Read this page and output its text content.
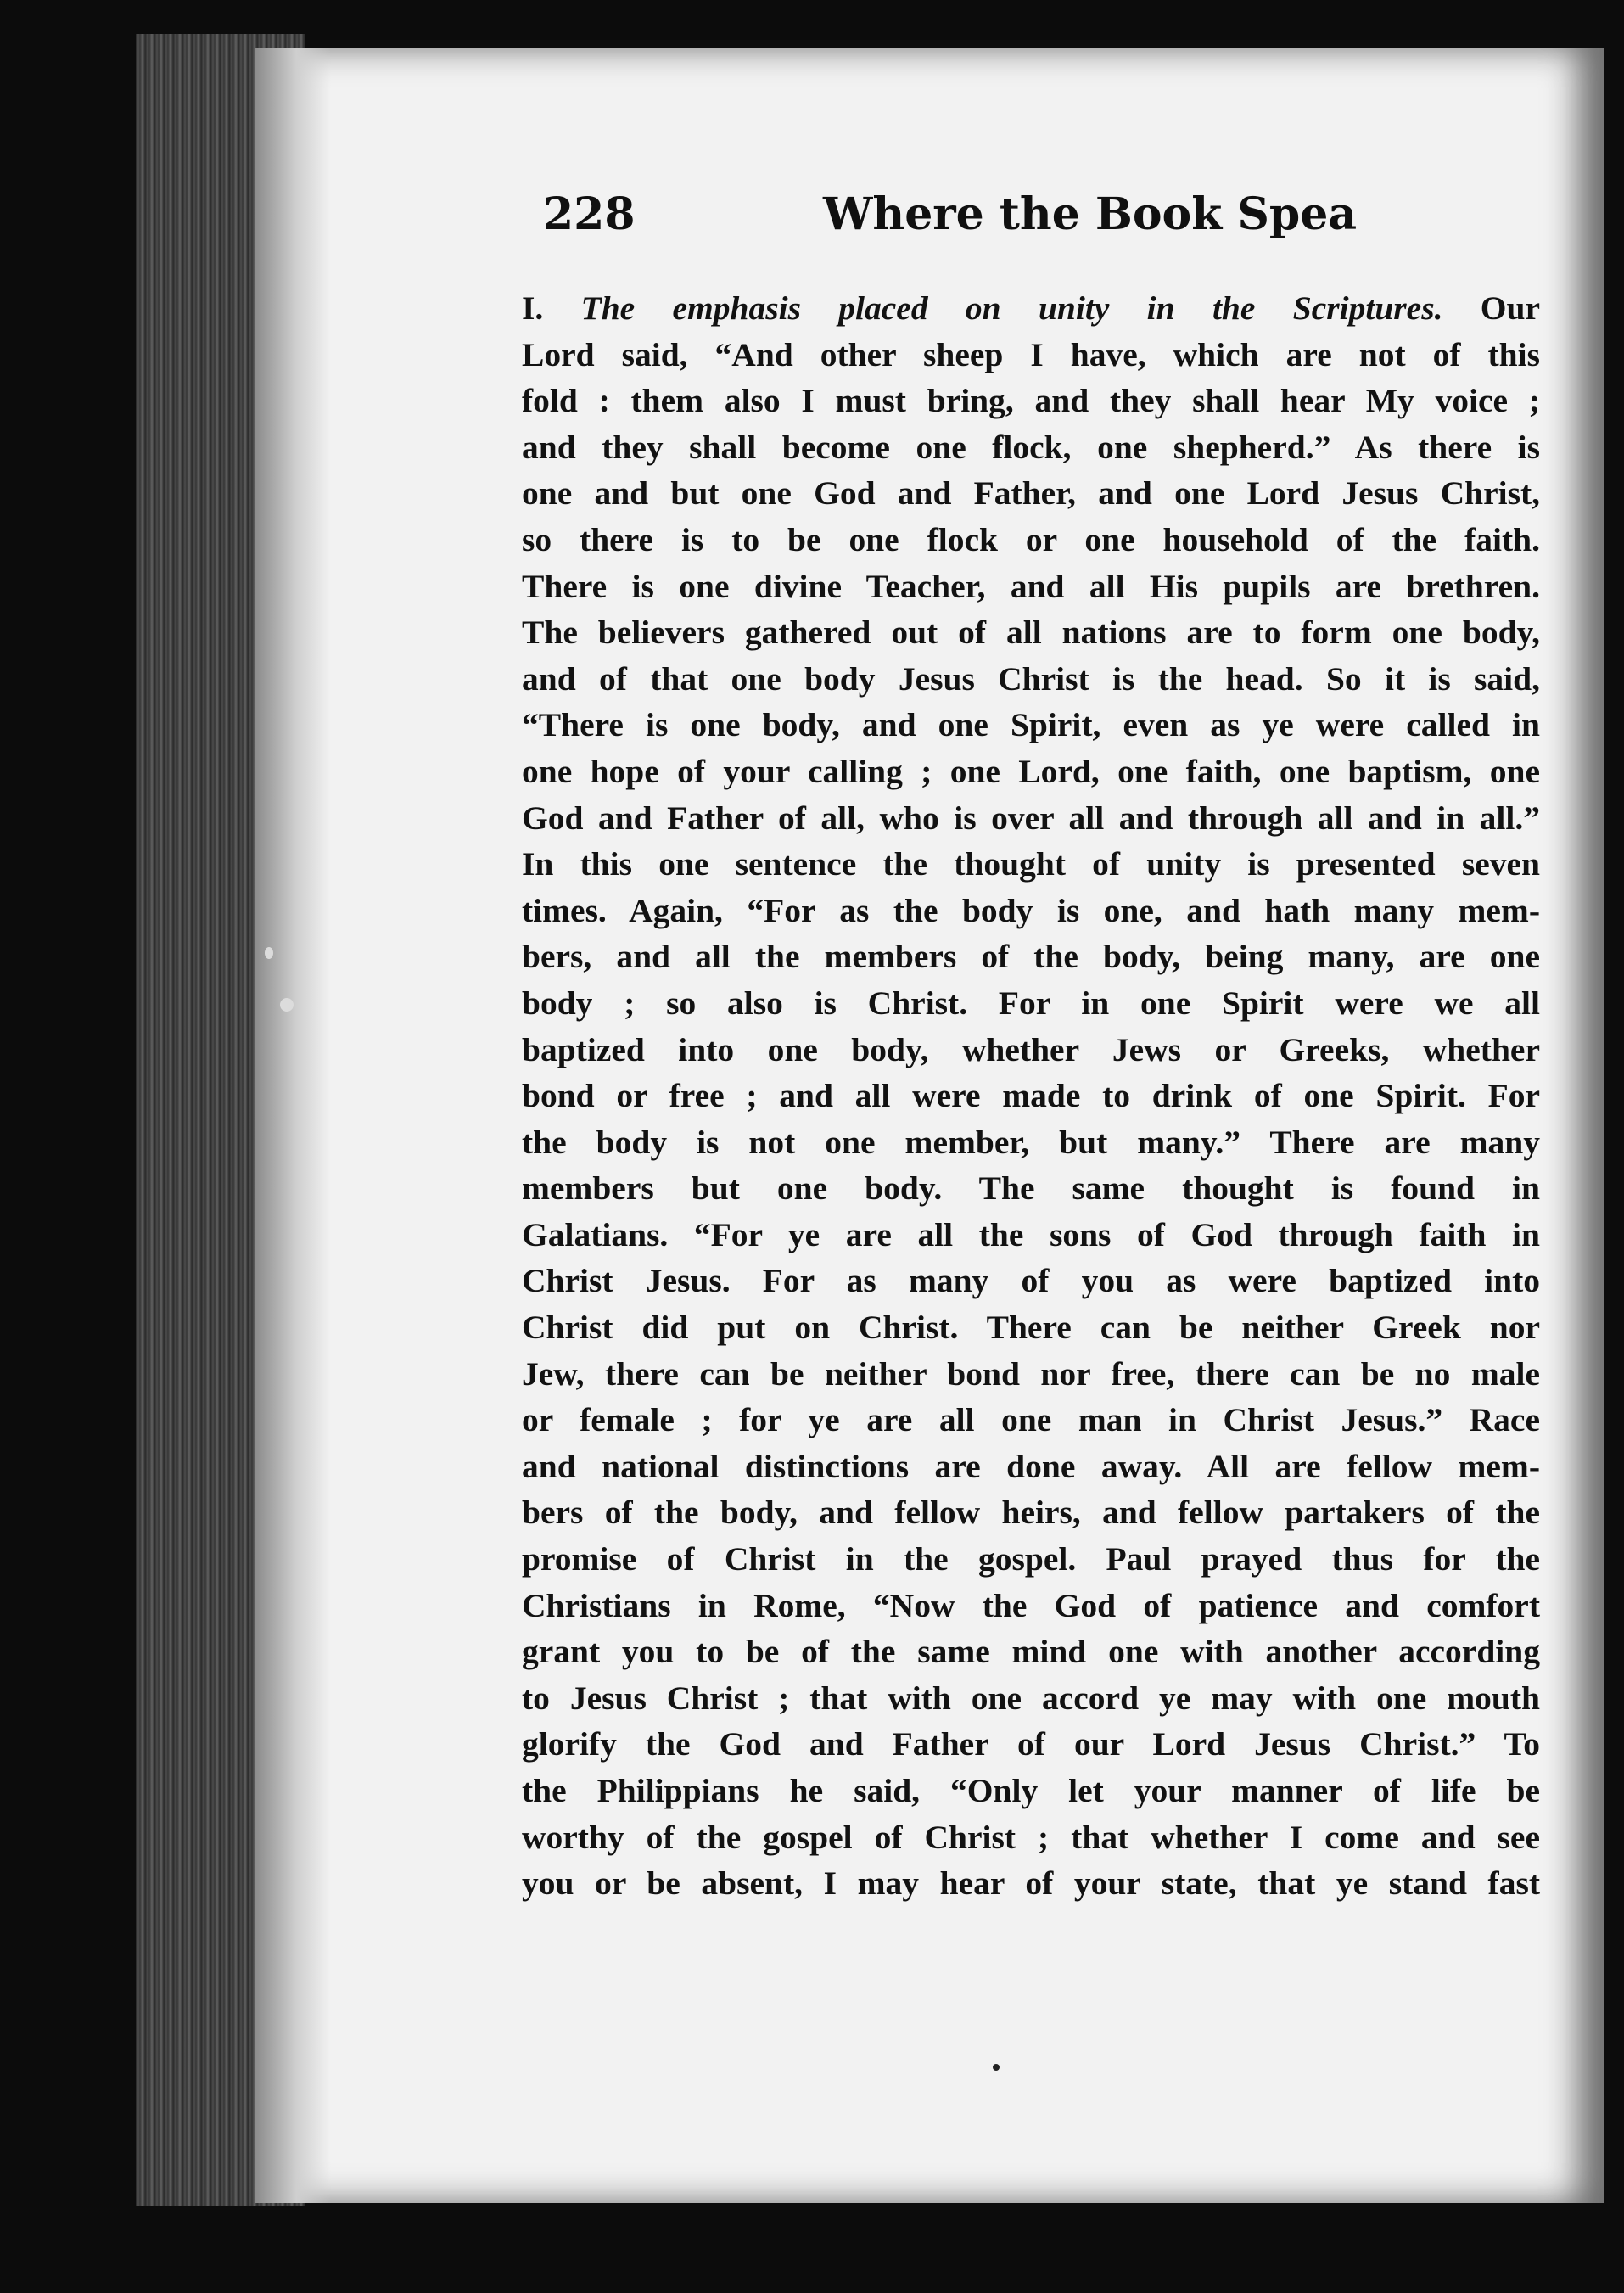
228	Where the Book Spea
I. The emphasis placed on unity in the Scriptures. Our
Lord said, “And other sheep I have, which are not of this
fold : them also I must bring, and they shall hear My voice ;
and they shall become one flock, one shepherd.” As there is
one and but one God and Father, and one Lord Jesus Christ,
so there is to be one flock or one household of the faith.
There is one divine Teacher, and all His pupils are brethren.
The believers gathered out of all nations are to form one body,
and of that one body Jesus Christ is the head. So it is said,
“There is one body, and one Spirit, even as ye were called in
one hope of your calling ; one Lord, one faith, one baptism, one
God and Father of all, who is over all and through all and in all.”
In this one sentence the thought of unity is presented seven
times. Again, “For as the body is one, and hath many mem-
bers, and all the members of the body, being many, are one
body ; so also is Christ. For in one Spirit were we all
baptized into one body, whether Jews or Greeks, whether
bond or free ; and all were made to drink of one Spirit. For
the body is not one member, but many.” There are many
members but one body. The same thought is found in
Galatians. “For ye are all the sons of God through faith in
Christ Jesus. For as many of you as were baptized into
Christ did put on Christ. There can be neither Greek nor
Jew, there can be neither bond nor free, there can be no male
or female ; for ye are all one man in Christ Jesus.” Race
and national distinctions are done away. All are fellow mem-
bers of the body, and fellow heirs, and fellow partakers of the
promise of Christ in the gospel. Paul prayed thus for the
Christians in Rome, “Now the God of patience and comfort
grant you to be of the same mind one with another according
to Jesus Christ ; that with one accord ye may with one mouth
glorify the God and Father of our Lord Jesus Christ.” To
the Philippians he said, “Only let your manner of life be
worthy of the gospel of Christ ; that whether I come and see
you or be absent, I may hear of your state, that ye stand fast
